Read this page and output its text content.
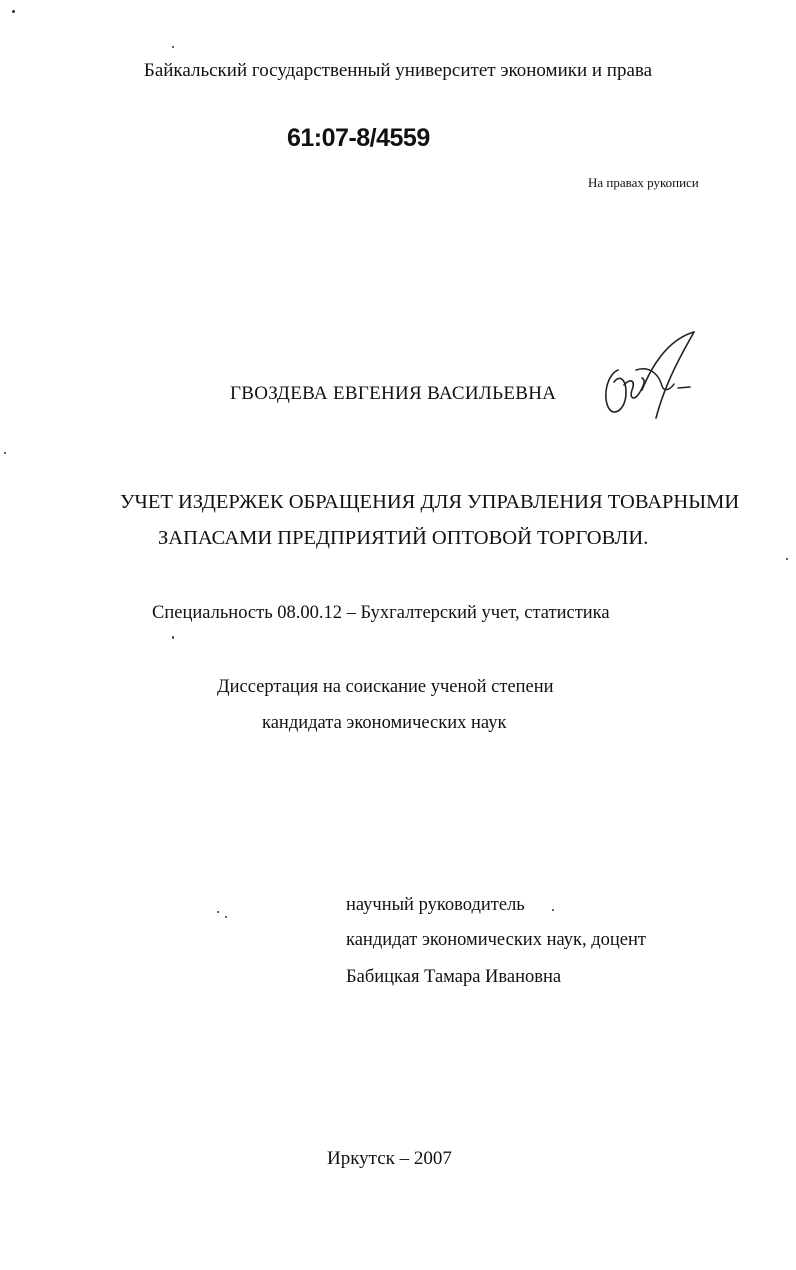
Байкальский государственный университет экономики и права
61:07-8/4559
На правах рукописи
ГВОЗДЕВА ЕВГЕНИЯ ВАСИЛЬЕВНА
УЧЕТ ИЗДЕРЖЕК ОБРАЩЕНИЯ ДЛЯ УПРАВЛЕНИЯ ТОВАРНЫМИ
ЗАПАСАМИ ПРЕДПРИЯТИЙ ОПТОВОЙ ТОРГОВЛИ.
Специальность 08.00.12 – Бухгалтерский учет, статистика
Диссертация на соискание ученой степени
кандидата экономических наук
научный руководитель
кандидат экономических наук, доцент
Бабицкая Тамара Ивановна
Иркутск – 2007
